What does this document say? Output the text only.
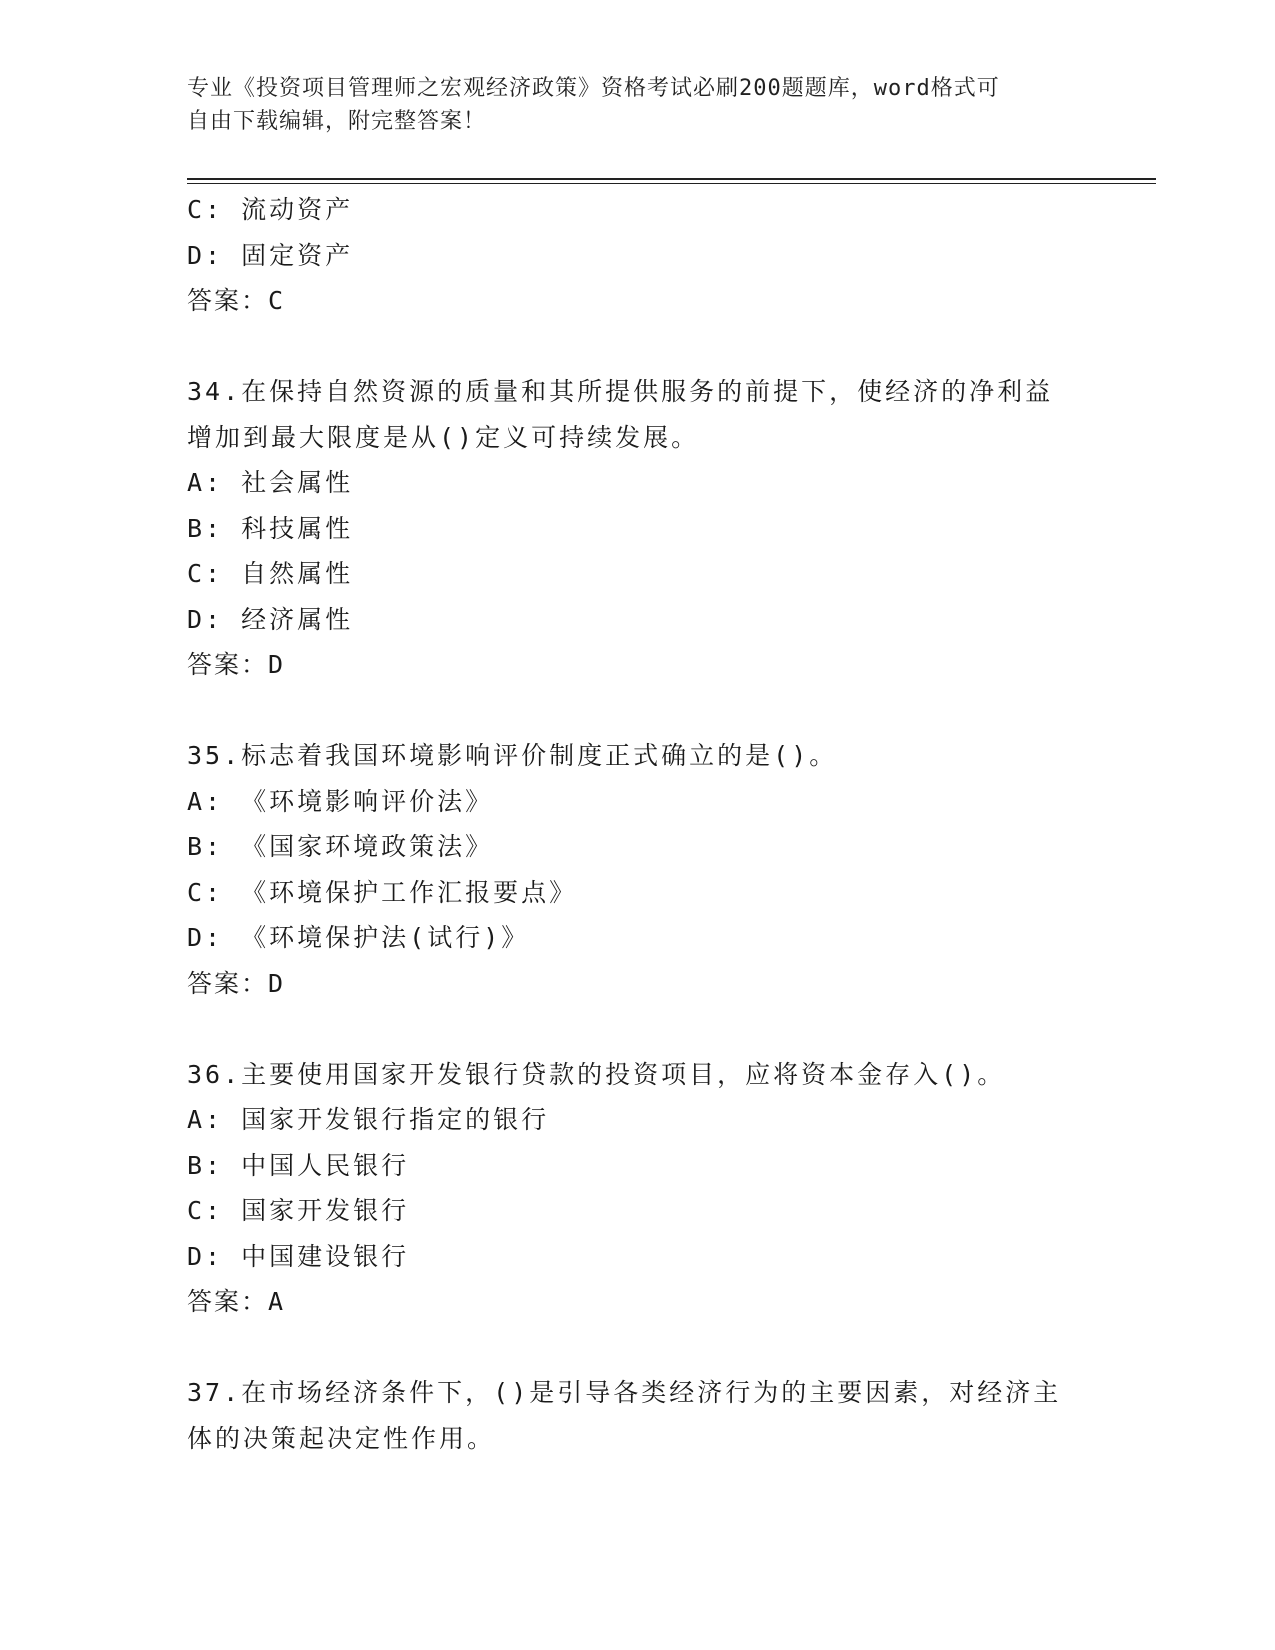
专业《投资项目管理师之宏观经济政策》资格考试必刷200题题库，word格式可
自由下载编辑，附完整答案！
C: 流动资产
D: 固定资产
答案：C
34.在保持自然资源的质量和其所提供服务的前提下，使经济的净利益
增加到最大限度是从()定义可持续发展。
A: 社会属性
B: 科技属性
C: 自然属性
D: 经济属性
答案：D
35.标志着我国环境影响评价制度正式确立的是()。
A: 《环境影响评价法》
B: 《国家环境政策法》
C: 《环境保护工作汇报要点》
D: 《环境保护法(试行)》
答案：D
36.主要使用国家开发银行贷款的投资项目，应将资本金存入()。
A: 国家开发银行指定的银行
B: 中国人民银行
C: 国家开发银行
D: 中国建设银行
答案：A
37.在市场经济条件下，()是引导各类经济行为的主要因素，对经济主
体的决策起决定性作用。
